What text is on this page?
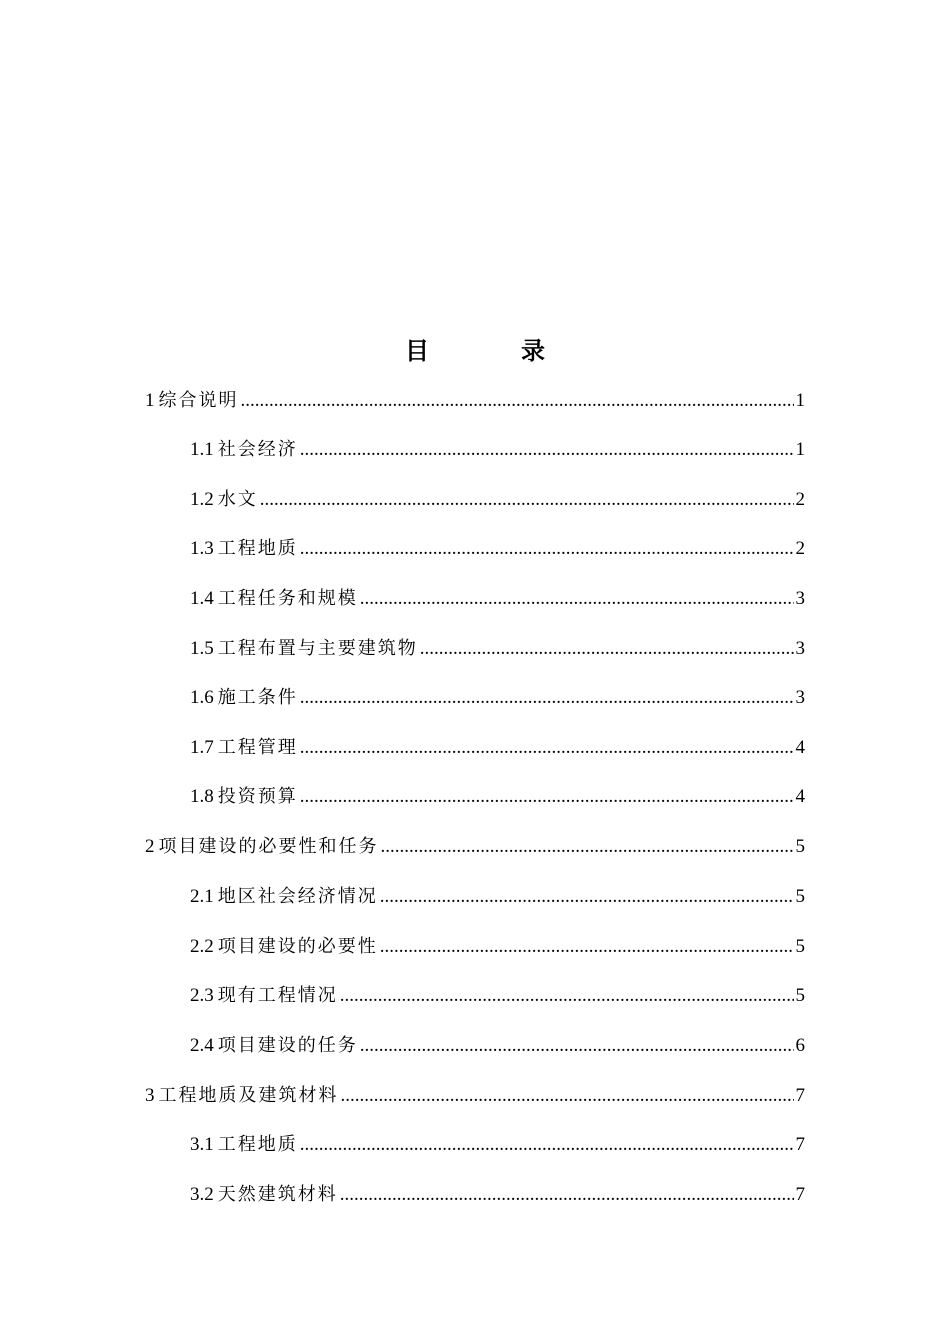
目　录
1 综合说明 .....	1
1.1 社会经济 .....	1
1.2 水文 .....	2
1.3 工程地质 .....	2
1.4 工程任务和规模 .....	3
1.5 工程布置与主要建筑物 .....	3
1.6 施工条件 .....	3
1.7 工程管理 .....	4
1.8 投资预算 .....	4
2 项目建设的必要性和任务 .....	5
2.1 地区社会经济情况 .....	5
2.2 项目建设的必要性 .....	5
2.3 现有工程情况 .....	5
2.4 项目建设的任务 .....	6
3 工程地质及建筑材料 .....	7
3.1 工程地质 .....	7
3.2 天然建筑材料 .....	7
